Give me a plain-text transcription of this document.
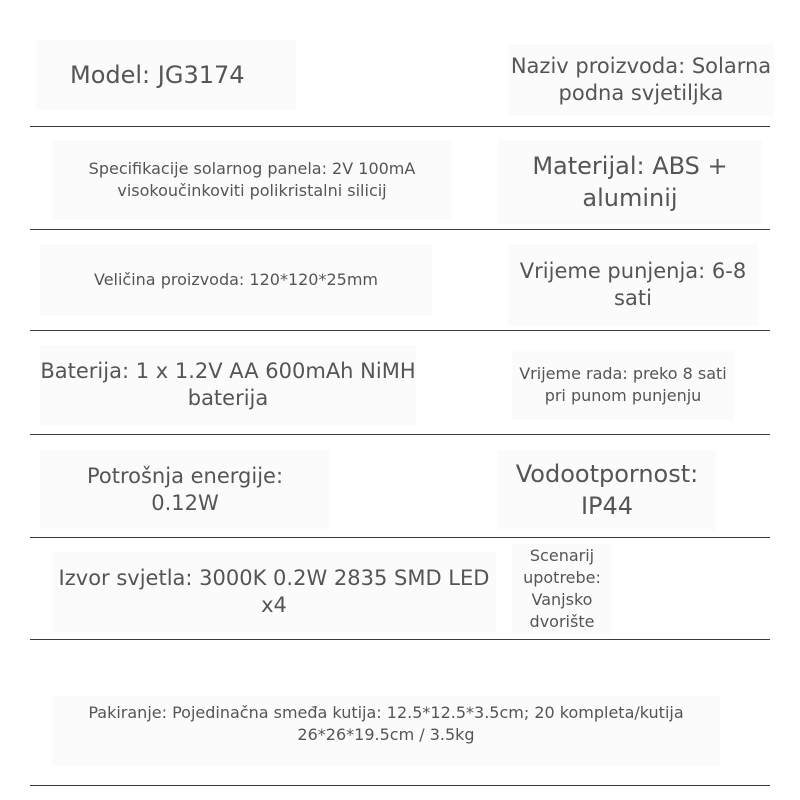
Model: JG3174	Naziv proizvoda: Solarna podna svjetiljka
Specifikacije solarnog panela: 2V 100mA visokoučinkoviti polikristalni silicij
Materijal: ABS + aluminij
Veličina proizvoda: 120*120*25mm	Vrijeme punjenja: 6-8 sati
Baterija: 1 x 1.2V AA 600mAh NiMH baterija
Vrijeme rada: preko 8 sati pri punom punjenju
Potrošnja energije: 0.12W
Vodootpornost: IP44
Izvor svjetla: 3000K 0.2W 2835 SMD LED x4
Scenarij upotrebe: Vanjsko dvorište
Pakiranje: Pojedinačna smeđa kutija: 12.5*12.5*3.5cm; 20 kompleta/kutija 26*26*19.5cm / 3.5kg
